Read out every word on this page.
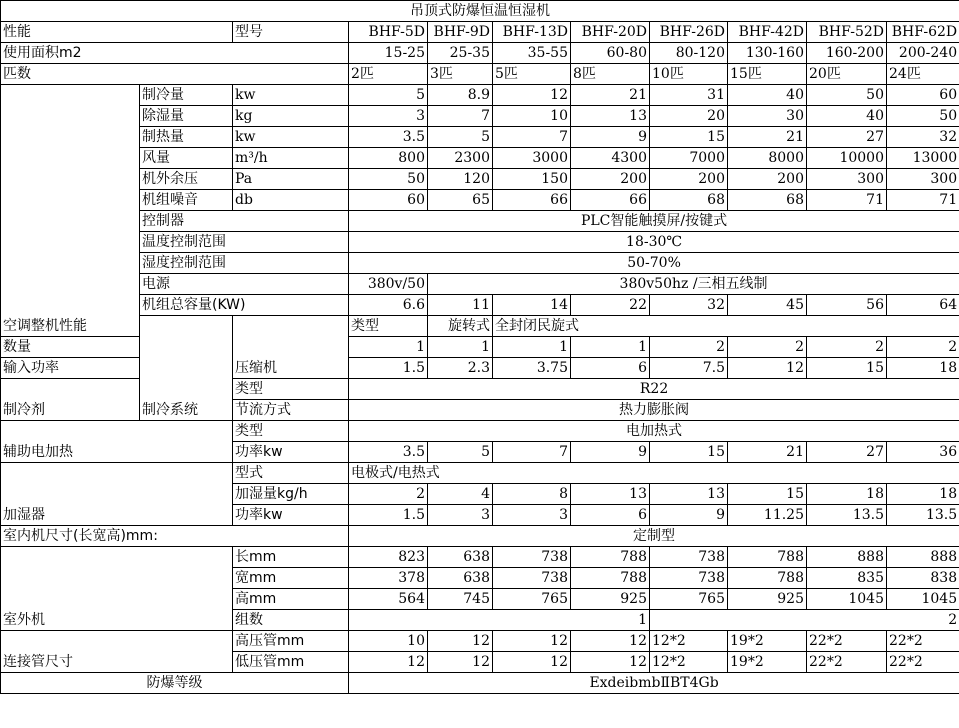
吊顶式防爆恒温恒湿机										
性能		型号	BHF-5D	BHF-9D	BHF-13D	BHF-20D	BHF-26D	BHF-42D	BHF-52D	BHF-62D
使用面积m2			15-25	25-35	35-55	60-80	80-120	130-160	160-200	200-240
匹数			2匹	3匹	5匹	8匹	10匹	15匹	20匹	24匹
空调整机性能	制冷量	kw	5	8.9	12	21	31	40	50	60
	除湿量	kg	3	7	10	13	20	30	40	50
	制热量	kw	3.5	5	7	9	15	21	27	32
	风量	m³/h	800	2300	3000	4300	7000	8000	10000	13000
	机外余压	Pa	50	120	150	200	200	200	300	300
	机组噪音	db	60	65	66	66	68	68	71	71
	控制器		PLC智能触摸屏/按键式							
	温度控制范围		18-30℃							
	湿度控制范围		50-70%							
	电源		380v/50	380v50hz /三相五线制						
	机组总容量(KW)		6.6	11	14	22	32	45	56	64
	制冷系统	压缩机	类型	旋转式	全封闭民旋式					
数量			1	1	1	1	2	2	2	2
输入功率			1.5	2.3	3.75	6	7.5	12	15	18
制冷剂		类型	R22							
		节流方式	热力膨胀阀							
辅助电加热		类型	电加热式							
		功率kw	3.5	5	7	9	15	21	27	36
加湿器		型式	电极式/电热式							
		加湿量kg/h	2	4	8	13	13	15	18	18
		功率kw	1.5	3	3	6	9	11.25	13.5	13.5
室内机尺寸(长宽高)mm:			定制型							
室外机		长mm	823	638	738	788	738	788	888	888
		宽mm	378	638	738	788	738	788	835	838
		高mm	564	745	765	925	765	925	1045	1045
		组数	1				2			
连接管尺寸		高压管mm	10	12	12	12	12*2	19*2	22*2	22*2
		低压管mm	12	12	12	12	12*2	19*2	22*2	22*2
防爆等级			ExdeibmbⅡBT4Gb							
